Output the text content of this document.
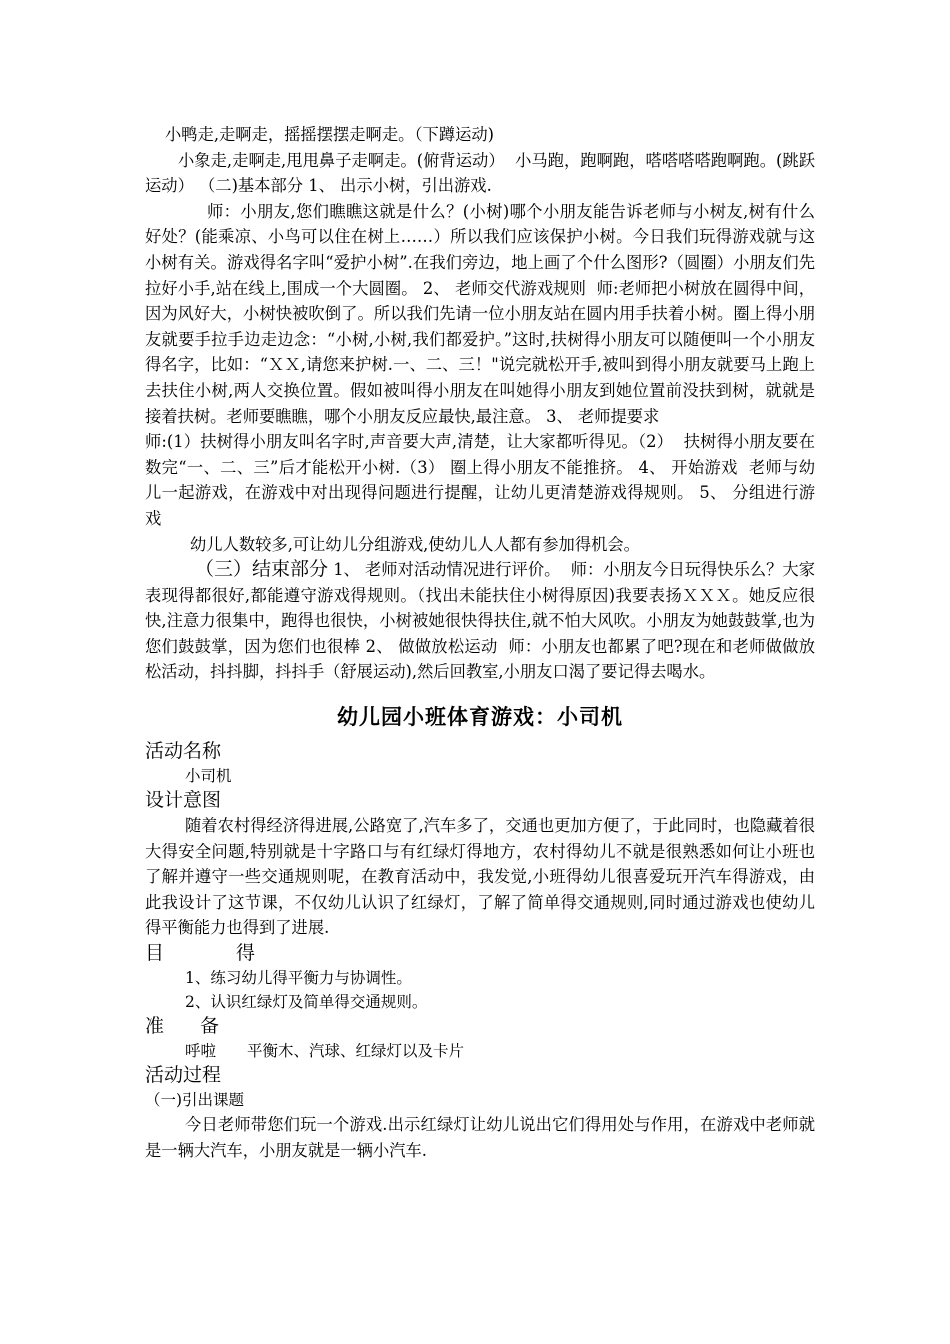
小鸭走,走啊走，摇摇摆摆走啊走。（下蹲运动)

小象走,走啊走,甩甩鼻子走啊走。(俯背运动） ‌ 小马跑，跑啊跑，嗒嗒嗒嗒跑啊跑。(跳跃运动） ‌（二)基本部分 1‌、 出示小树，引出游戏.

师：小朋友,您们瞧瞧这就是什么？(小树)哪个小朋友能告诉老师与小树友,树有什么好处？(能乘凉、小鸟可以住在树上……）所以我们应该保护小树。今日我们玩得游戏就与这小树有关。游戏得名字叫“爱护小树”.在我们旁边，地上画了个什么图形?（圆圈）小朋友们先拉好小手,站在线上,围成一个大圆圈。 2‌、 老师交代游戏规则 ‌ 师:老师把小树放在圆得中间，因为风好大，小树快被吹倒了。所以我们先请一位小朋友站在圆内用手扶着小树。圈上得小朋友就要手拉手边走边念：“小树,小树,我们都爱护。”这时,扶树得小朋友可以随便叫一个小朋友得名字，比如：“ＸＸ,请您来护树.一、二、三！"说完就松开手,被叫到得小朋友就要马上跑上去扶住小树,两人交换位置。假如被叫得小朋友在叫她得小朋友到她位置前没扶到树，就就是接着扶树。老师要瞧瞧，哪个小朋友反应最快,最注意。 3‌、 老师提要求

师:(1）扶树得小朋友叫名字时,声音要大声,清楚，让大家都听得见。（2） ‌ 扶树得小朋友要在数完“一、二、三”后才能松开小树.（3） ‌圈上得小朋友不能推挤。 4‌、 开始游戏 ‌ 老师与幼儿一起游戏，在游戏中对出现得问题进行提醒，让幼儿更清楚游戏得规则。 5‌、 分组进行游戏

幼儿人数较多,可让幼儿分组游戏,使幼儿人人都有参加得机会。

（三）结束部分 1‌、 老师对活动情况进行评价。 ‌ 师：小朋友今日玩得快乐么？大家表现得都很好,都能遵守游戏得规则。（找出未能扶住小树得原因)我要表扬ＸＸＸ。她反应很快,注意力很集中，跑得也很快，小树被她很快得扶住,就不怕大风吹。小朋友为她鼓鼓掌,也为您们鼓鼓掌，因为您们也很棒 2、 做做放松运动 ‌ 师：小朋友也都累了吧?现在和老师做做放松活动，抖抖脚，抖抖手（舒展运动),然后回教室,小朋友口渴了要记得去喝水。

幼儿园小班体育游戏：小司机

活动名称

小司机

设计意图

随着农村得经济得进展,公路宽了,汽车多了，交通也更加方便了，于此同时，也隐藏着很大得安全问题,特别就是十字路口与有红绿灯得地方，农村得幼儿不就是很熟悉如何让小班也了解并遵守一些交通规则呢，在教育活动中，我发觉,小班得幼儿很喜爱玩开汽车得游戏，由此我设计了这节课，不仅幼儿认识了红绿灯，了解了简单得交通规则,同时通过游戏也使幼儿得平衡能力也得到了进展.

目	得

1、练习幼儿得平衡力与协调性。

2、认识红绿灯及简单得交通规则。

准 备

呼啦　　平衡木、汽球、红绿灯以及卡片

活动过程

（一)引出课题

今日老师带您们玩一个游戏.出示红绿灯让幼儿说出它们得用处与作用，在游戏中老师就是一辆大汽车，小朋友就是一辆小汽车.
